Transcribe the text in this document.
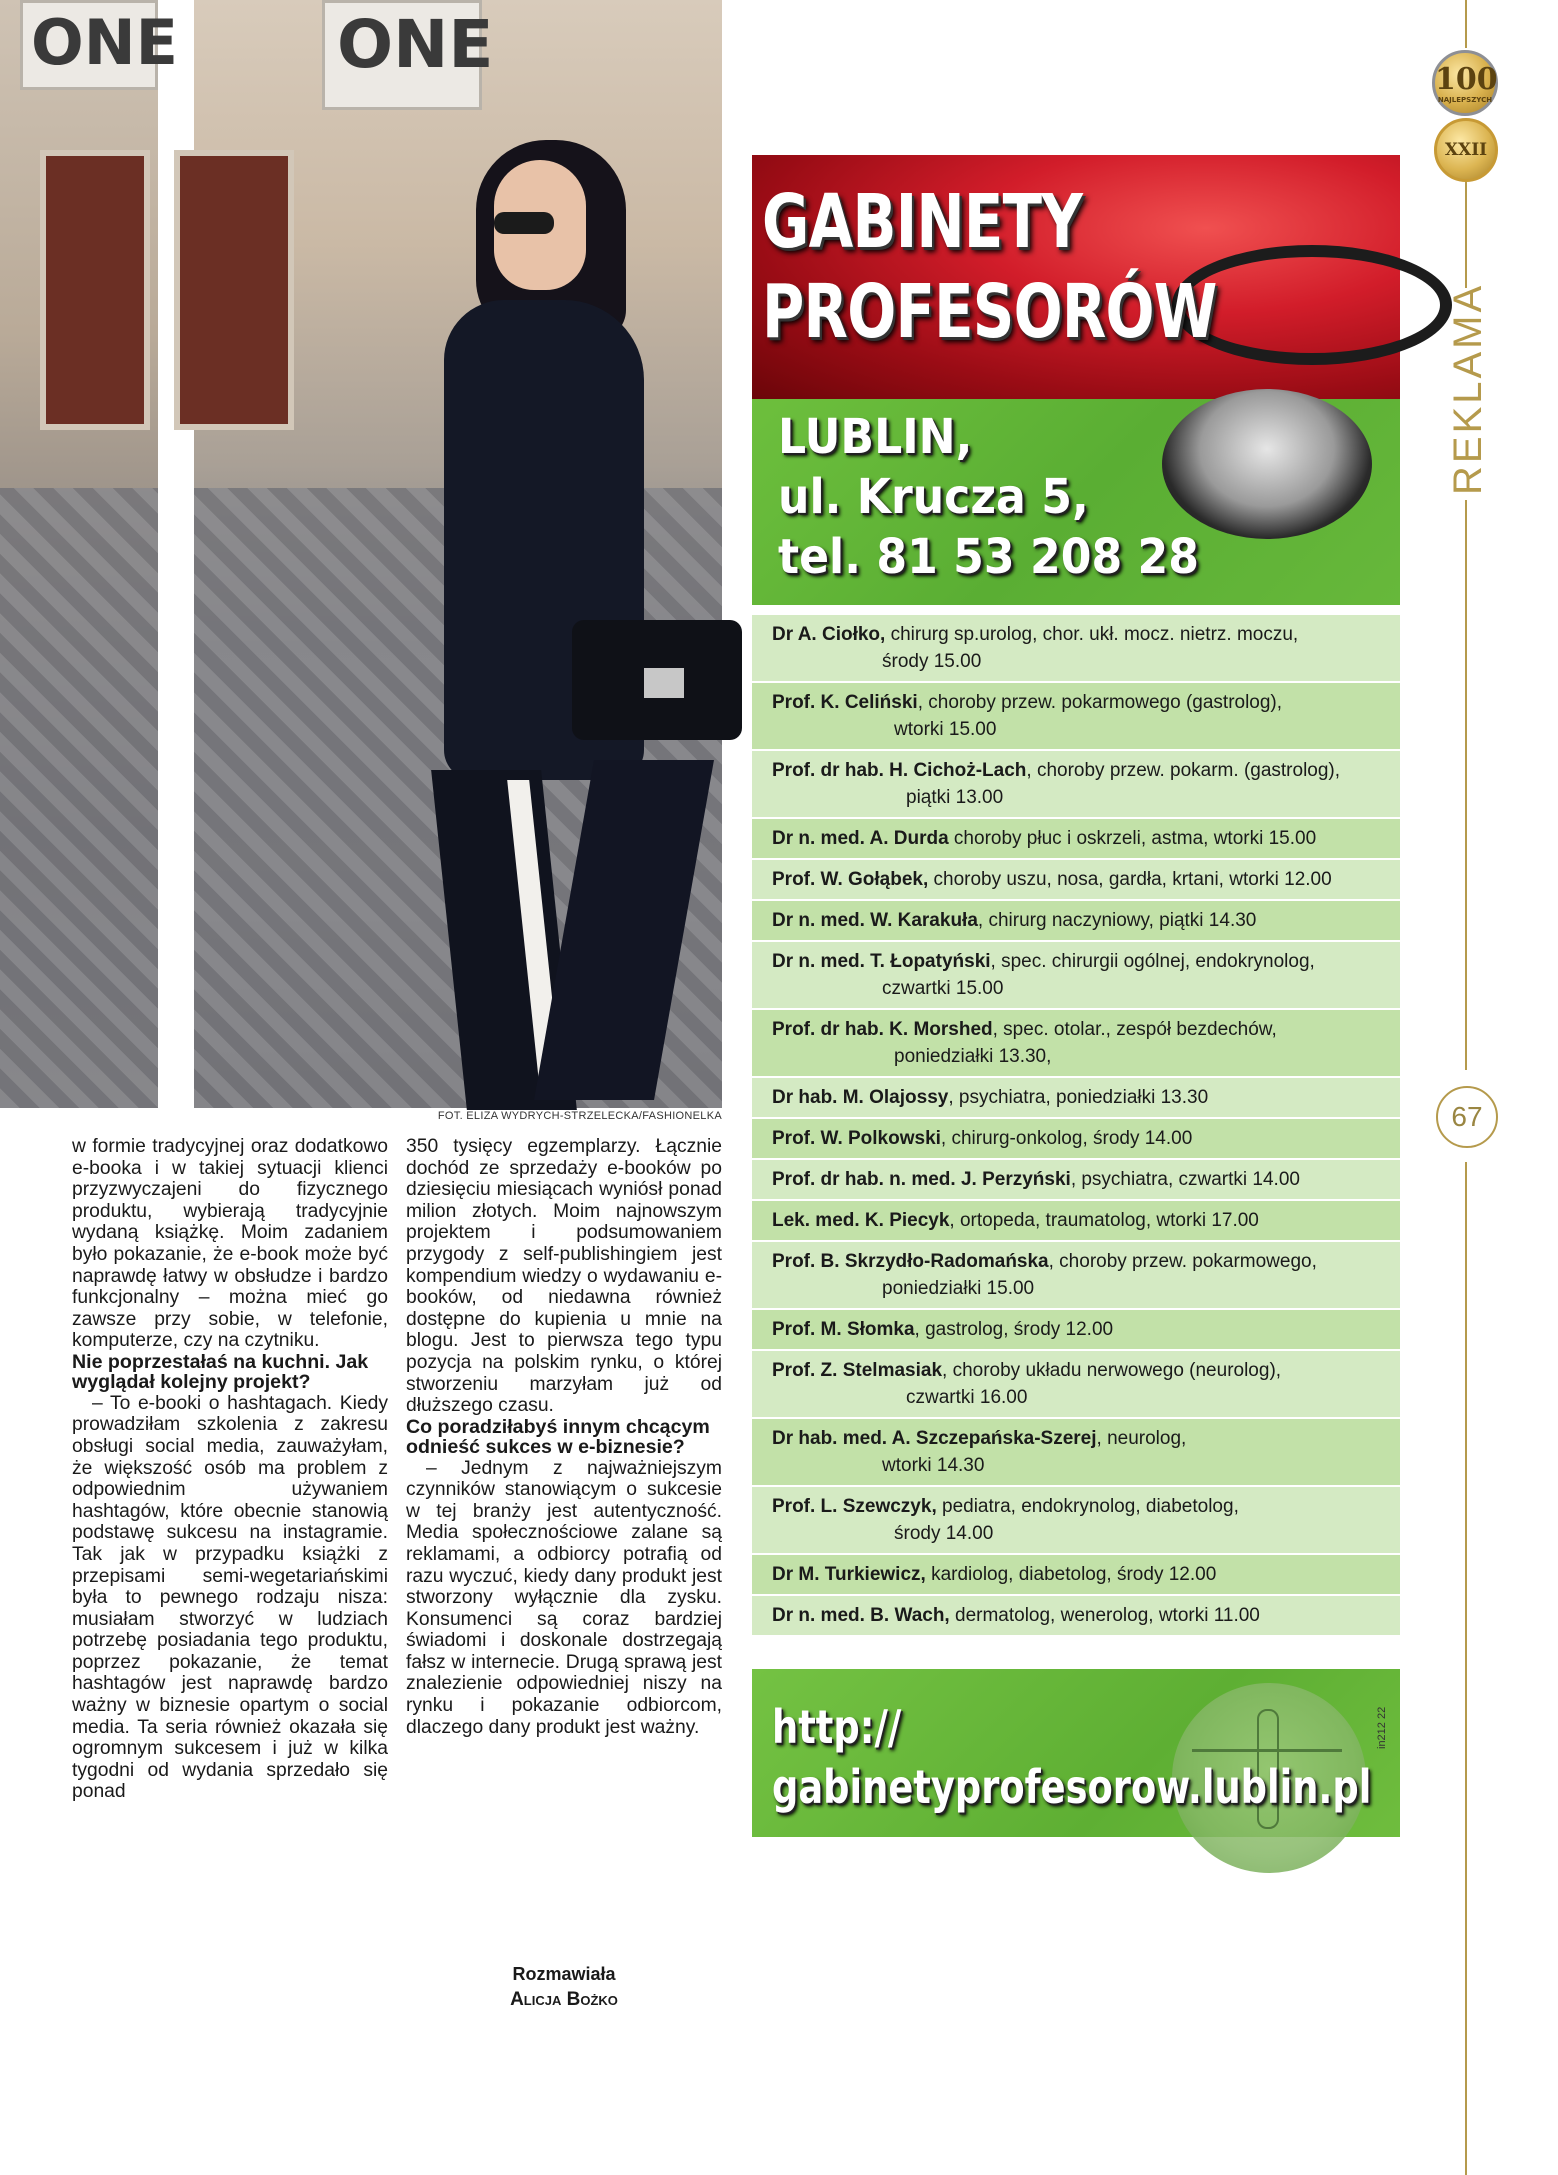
ONE ONE
FOT. ELIZA WYDRYCH-STRZELECKA/FASHIONELKA

w formie tradycyjnej oraz dodatkowo e-booka i w takiej sytuacji klienci przyzwyczajeni do fizycznego produktu, wybierają tradycyjnie wydaną książkę. Moim zadaniem było pokazanie, że e-book może być naprawdę łatwy w obsłudze i bardzo funkcjonalny – można mieć go zawsze przy sobie, w telefonie, komputerze, czy na czytniku.

Nie poprzestałaś na kuchni. Jak wyglądał kolejny projekt?

– To e-booki o hashtagach. Kiedy prowadziłam szkolenia z zakresu obsługi social media, zauważyłam, że większość osób ma problem z odpowiednim używaniem hashtagów, które obecnie stanowią podstawę sukcesu na instagramie. Tak jak w przypadku książki z przepisami semi-wegetariańskimi była to pewnego rodzaju nisza: musiałam stworzyć w ludziach potrzebę posiadania tego produktu, poprzez pokazanie, że temat hashtagów jest naprawdę bardzo ważny w biznesie opartym o social media. Ta seria również okazała się ogromnym sukcesem i już w kilka tygodni od wydania sprzedało się ponad

350 tysięcy egzemplarzy. Łącznie dochód ze sprzedaży e-booków po dziesięciu miesiącach wyniósł ponad milion złotych. Moim najnowszym projektem i podsumowaniem przygody z self-publishingiem jest kompendium wiedzy o wydawaniu e-booków, od niedawna również dostępne do kupienia u mnie na blogu. Jest to pierwsza tego typu pozycja na polskim rynku, o której stworzeniu marzyłam już od dłuższego czasu.

Co poradziłabyś innym chcącym odnieść sukces w e-biznesie?

– Jednym z najważniejszym czynników stanowiącym o sukcesie w tej branży jest autentyczność. Media społecznościowe zalane są reklamami, a odbiorcy potrafią od razu wyczuć, kiedy dany produkt jest stworzony wyłącznie dla zysku. Konsumenci są coraz bardziej świadomi i doskonale dostrzegają fałsz w internecie. Drugą sprawą jest znalezienie odpowiedniej niszy na rynku i pokazanie odbiorcom, dlaczego dany produkt jest ważny.

Rozmawiała
Alicja Bożko
GABINETY
PROFESORÓW
LUBLIN,
ul. Krucza 5,
tel. 81 53 208 28
Dr A. Ciołko, chirurg sp.urolog, chor. ukł. mocz. nietrz. moczu,
środy 15.00
Prof. K. Celiński, choroby przew. pokarmowego (gastrolog),
wtorki 15.00
Prof. dr hab. H. Cichoż-Lach, choroby przew. pokarm. (gastrolog),
piątki 13.00
Dr n. med. A. Durda choroby płuc i oskrzeli, astma, wtorki 15.00
Prof. W. Gołąbek, choroby uszu, nosa, gardła, krtani, wtorki 12.00
Dr n. med. W. Karakuła, chirurg naczyniowy, piątki 14.30
Dr n. med. T. Łopatyński, spec. chirurgii ogólnej, endokrynolog,
czwartki 15.00
Prof. dr hab. K. Morshed, spec. otolar., zespół bezdechów,
poniedziałki 13.30,
Dr hab. M. Olajossy, psychiatra, poniedziałki 13.30
Prof. W. Polkowski, chirurg-onkolog, środy 14.00
Prof. dr hab. n. med. J. Perzyński, psychiatra, czwartki 14.00
Lek. med. K. Piecyk, ortopeda, traumatolog, wtorki 17.00
Prof. B. Skrzydło-Radomańska, choroby przew. pokarmowego,
poniedziałki 15.00
Prof. M. Słomka, gastrolog, środy 12.00
Prof. Z. Stelmasiak, choroby układu nerwowego (neurolog),
czwartki 16.00
Dr hab. med. A. Szczepańska-Szerej, neurolog,
wtorki 14.30
Prof. L. Szewczyk, pediatra, endokrynolog, diabetolog,
środy 14.00
Dr M. Turkiewicz, kardiolog, diabetolog, środy 12.00
Dr n. med. B. Wach, dermatolog, wenerolog, wtorki 11.00
http://
gabinetyprofesorow.lublin.pl
in212 22
100
NAJLEPSZYCH
XXII
REKLAMA
67
